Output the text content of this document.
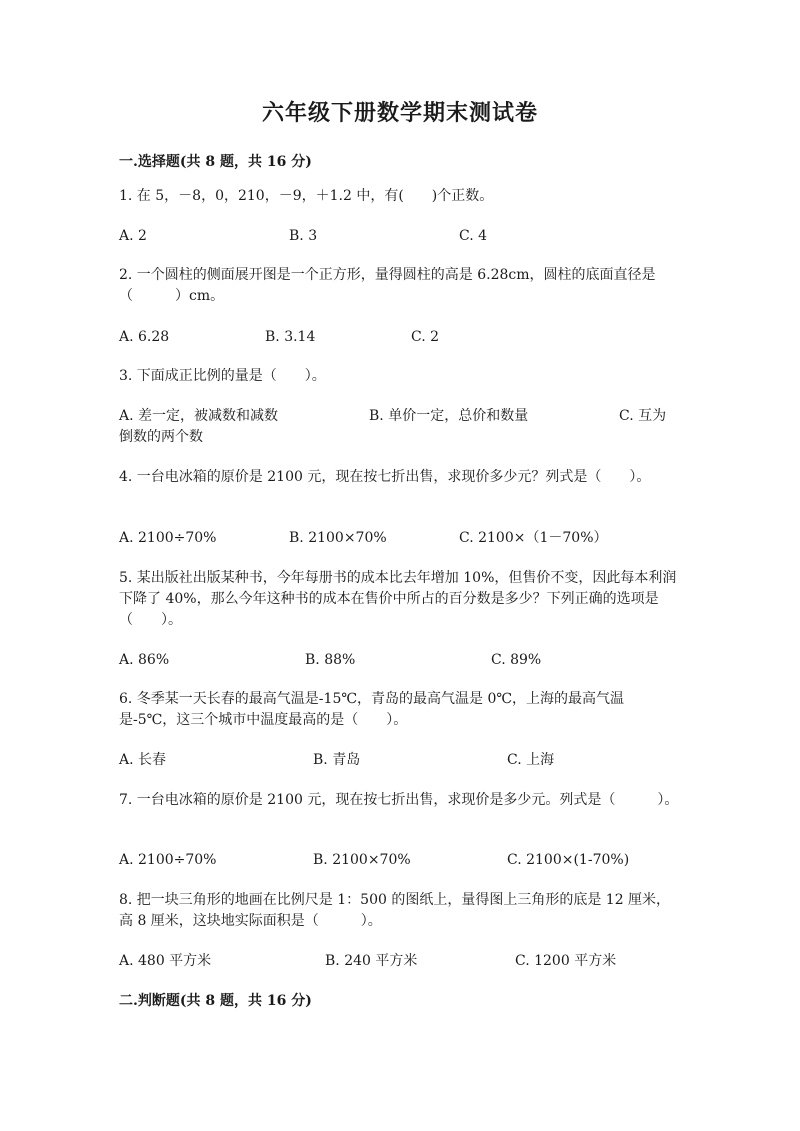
六年级下册数学期末测试卷
一.选择题(共 8 题，共 16 分)
1. 在 5，－8，0，210，－9，＋1.2 中，有(　　)个正数。
A. 2	B. 3	C. 4
2. 一个圆柱的侧面展开图是一个正方形，量得圆柱的高是 6.28cm，圆柱的底面直径是（　　　）cm。
A. 6.28	B. 3.14	C. 2
3. 下面成正比例的量是（　　）。
A. 差一定，被减数和减数	B. 单价一定，总价和数量	C. 互为
倒数的两个数
4. 一台电冰箱的原价是 2100 元，现在按七折出售，求现价多少元？列式是（　　）。
A. 2100÷70%	B. 2100×70%	C. 2100×（1－70%）
5. 某出版社出版某种书，今年每册书的成本比去年增加 10%，但售价不变，因此每本利润下降了 40%，那么今年这种书的成本在售价中所占的百分数是多少？下列正确的选项是（　　）。
A. 86%	B. 88%	C. 89%
6. 冬季某一天长春的最高气温是-15℃，青岛的最高气温是 0℃，上海的最高气温是-5℃，这三个城市中温度最高的是（　　）。
A. 长春	B. 青岛	C. 上海
7. 一台电冰箱的原价是 2100 元，现在按七折出售，求现价是多少元。列式是（　　　）。
A. 2100÷70%	B. 2100×70%	C. 2100×(1-70%)
8. 把一块三角形的地画在比例尺是 1：500 的图纸上，量得图上三角形的底是 12 厘米，高 8 厘米，这块地实际面积是（　　　）。
A. 480 平方米	B. 240 平方米	C. 1200 平方米
二.判断题(共 8 题，共 16 分)
